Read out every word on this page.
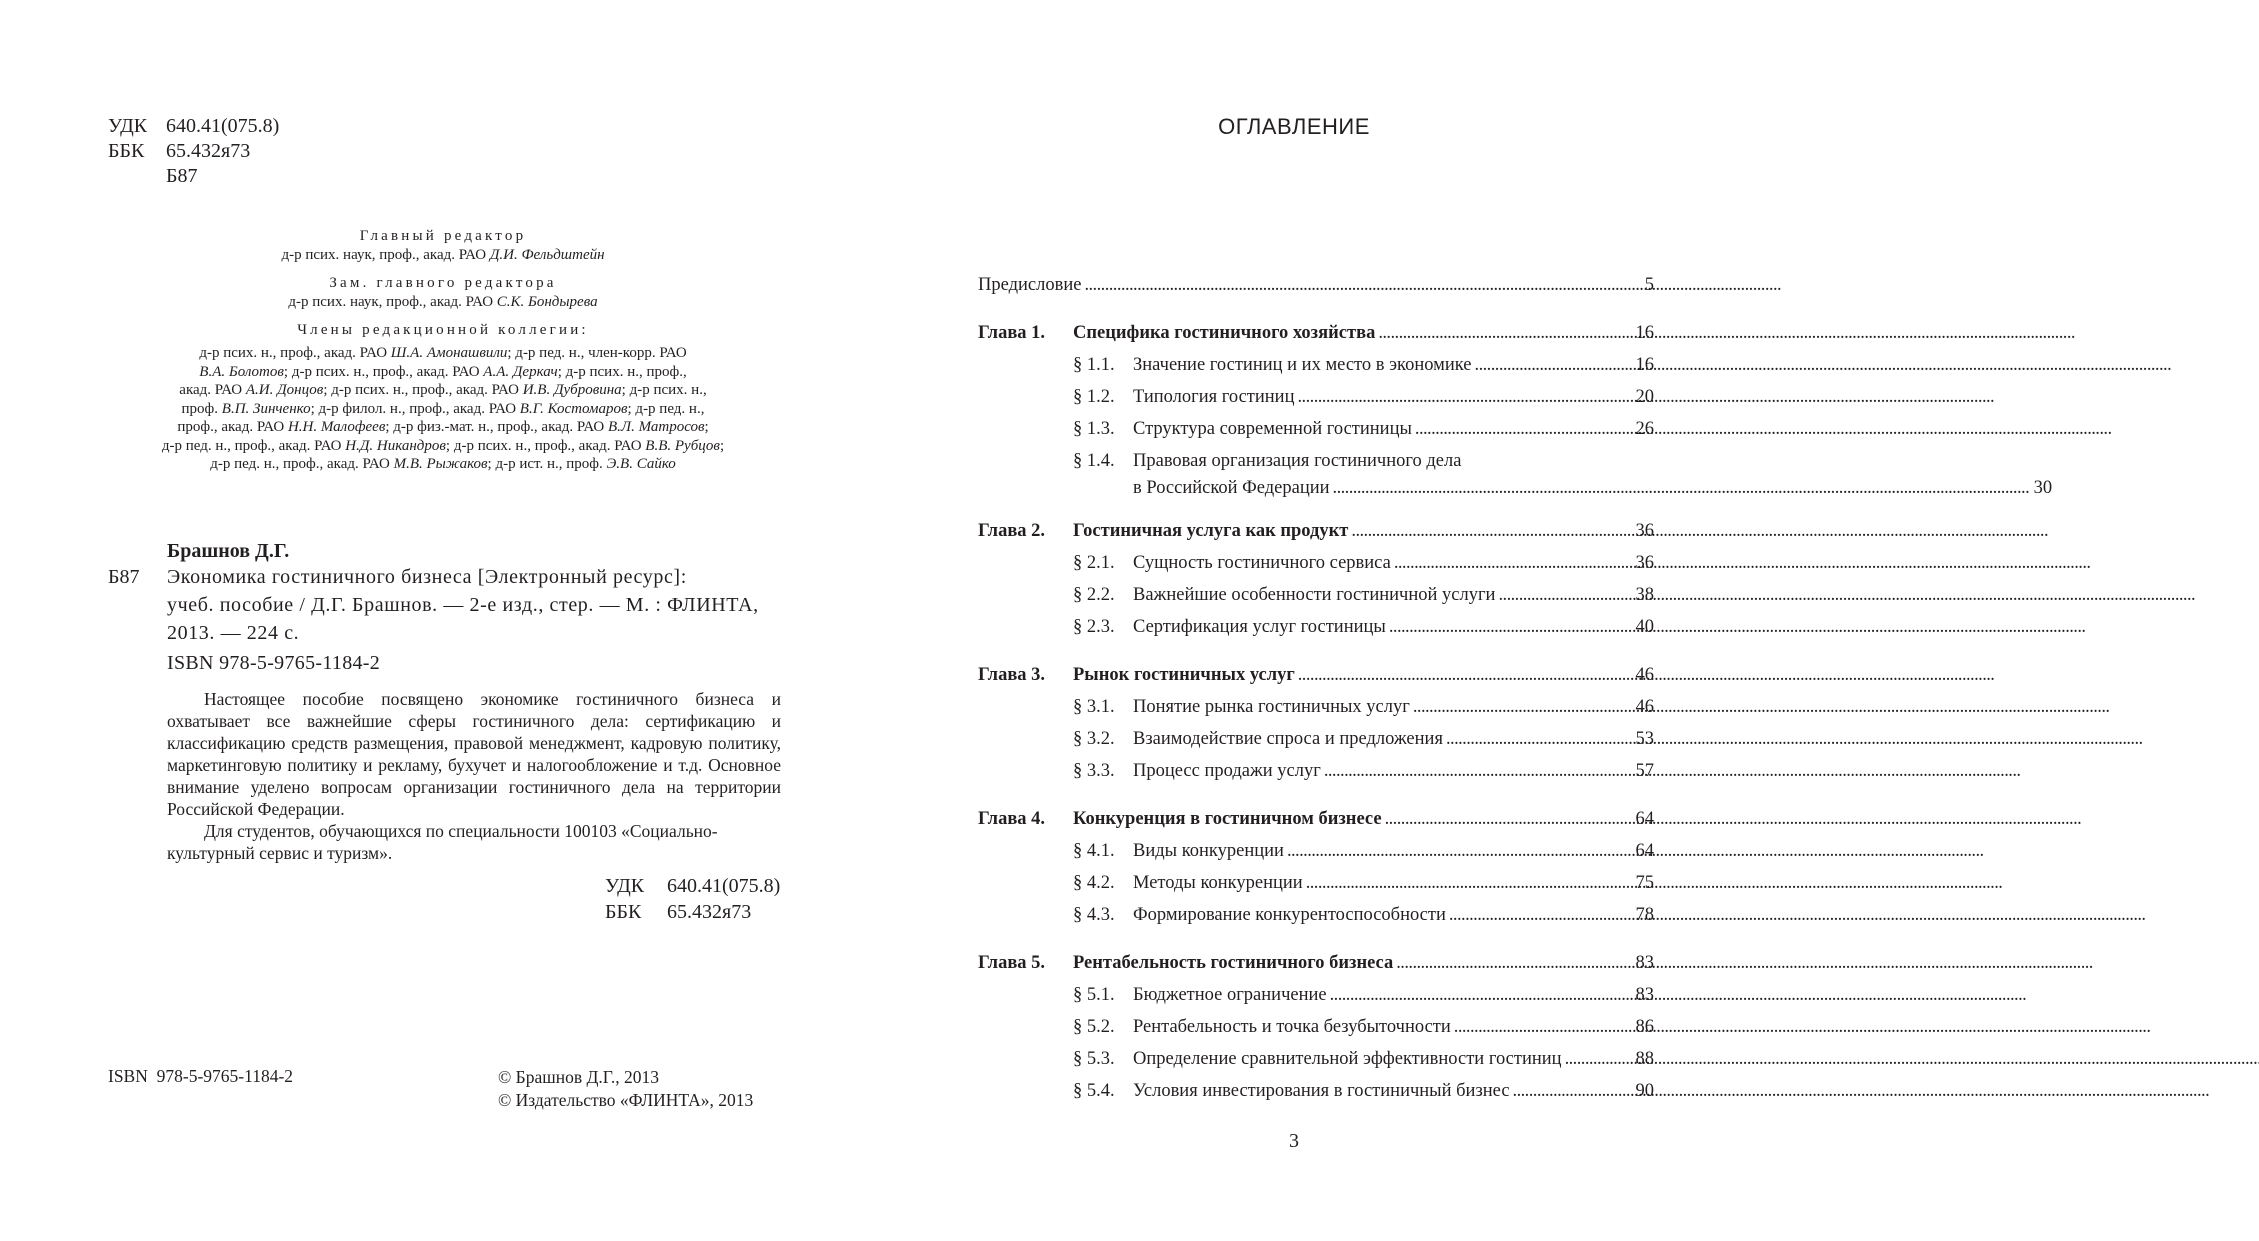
УДК 640.41(075.8)
ББК	65.432я73
Б87

Главный редактор

д-р псих. наук, проф., акад. РАО Д.И. Фельдштейн

Зам. главного редактора

д-р псих. наук, проф., акад. РАО С.К. Бондырева

Члены редакционной коллегии:

д-р псих. н., проф., акад. РАО Ш.А. Амонашвили; д-р пед. н., член-корр. РАО
В.А. Болотов; д-р псих. н., проф., акад. РАО А.А. Деркач; д-р псих. н., проф.,
акад. РАО А.И. Донцов; д-р псих. н., проф., акад. РАО И.В. Дубровина; д-р псих. н.,
проф. В.П. Зинченко; д-р филол. н., проф., акад. РАО В.Г. Костомаров; д-р пед. н.,
проф., акад. РАО Н.Н. Малофеев; д-р физ.-мат. н., проф., акад. РАО В.Л. Матросов;
д-р пед. н., проф., акад. РАО Н.Д. Никандров; д-р псих. н., проф., акад. РАО В.В. Рубцов;
д-р пед. н., проф., акад. РАО М.В. Рыжаков; д-р ист. н., проф. Э.В. Сайко
Брашнов Д.Г.
Б87 Экономика гостиничного бизнеса [Электронный ресурс]:
учеб. пособие / Д.Г. Брашнов. — 2-е изд., стер. — М. : ФЛИНТА,
2013. — 224 с.
ISBN 978-5-9765-1184-2

Настоящее пособие посвящено экономике гостиничного бизнеса и охватывает все важнейшие сферы гостиничного дела: сертификацию и классификацию средств размещения, правовой менеджмент, кадровую политику, маркетинговую политику и рекламу, бухучет и налогообложение и т.д. Основное внимание уделено вопросам организации гостиничного дела на территории Российской Федерации.

Для студентов, обучающихся по специальности 100103 «Социально-культурный сервис и туризм».

УДК	640.41(075.8)
ББК	65.432я73
ISBN  978-5-9765-1184-2	© Брашнов Д.Г., 2013
© Издательство «ФЛИНТА», 2013
ОГЛАВЛЕНИЕ
Предисловие . . .	5
Глава 1.	Специфика гостиничного хозяйства . . .	16
§ 1.1. Значение гостиниц и их место в экономике . . .	16
§ 1.2. Типология гостиниц . . .	20
§ 1.3. Структура современной гостиницы . . .	26
§ 1.4. Правовая организация гостиничного дела
в Российской Федерации . . .	30
Глава 2.	Гостиничная услуга как продукт . . .	36
§ 2.1. Сущность гостиничного сервиса . . .	36
§ 2.2. Важнейшие особенности гостиничной услуги . . .	38
§ 2.3. Сертификация услуг гостиницы . . .	40
Глава 3.	Рынок гостиничных услуг . . .	46
§ 3.1. Понятие рынка гостиничных услуг . . .	46
§ 3.2. Взаимодействие спроса и предложения . . .	53
§ 3.3. Процесс продажи услуг . . .	57
Глава 4.	Конкуренция в гостиничном бизнесе . . .	64
§ 4.1. Виды конкуренции . . .	64
§ 4.2. Методы конкуренции . . .	75
§ 4.3. Формирование конкурентоспособности . . .	78
Глава 5.	Рентабельность гостиничного бизнеса . . .	83
§ 5.1. Бюджетное ограничение . . .	83
§ 5.2. Рентабельность и точка безубыточности . . .	86
§ 5.3. Определение сравнительной эффективности гостиниц . . .	88
§ 5.4. Условия инвестирования в гостиничный бизнес . . .	90
3
